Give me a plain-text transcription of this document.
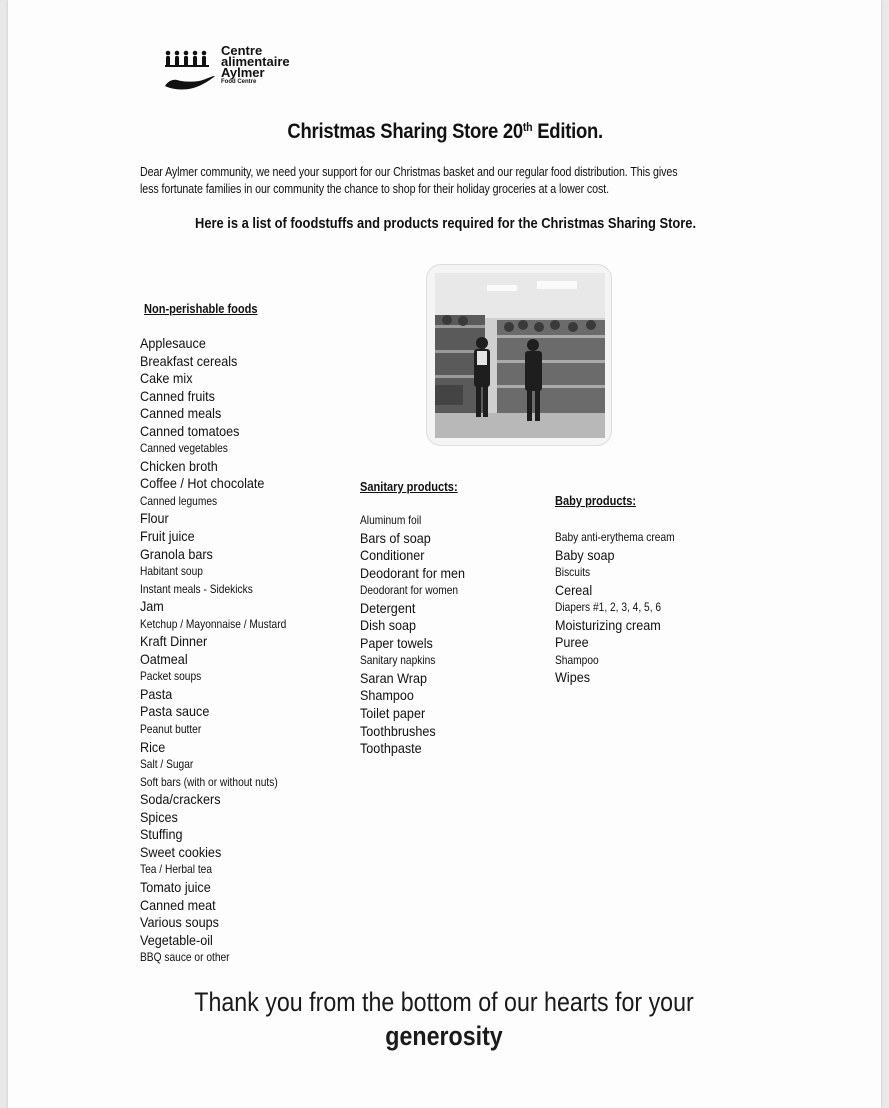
Centre
alimentaire
Aylmer
Food Centre
Christmas Sharing Store 20th Edition.
Dear Aylmer community, we need your support for our Christmas basket and our regular food distribution. This gives less fortunate families in our community the chance to shop for their holiday groceries at a lower cost.
Here is a list of foodstuffs and products required for the Christmas Sharing Store.
Non-perishable foods
Applesauce
Breakfast cereals
Cake mix
Canned fruits
Canned meals
Canned tomatoes
Canned vegetables
Chicken broth
Coffee / Hot chocolate
Canned legumes
Flour
Fruit juice
Granola bars
Habitant soup
Instant meals - Sidekicks
Jam
Ketchup / Mayonnaise / Mustard
Kraft Dinner
Oatmeal
Packet soups
Pasta
Pasta sauce
Peanut butter
Rice
Salt / Sugar
Soft bars (with or without nuts)
Soda/crackers
Spices
Stuffing
Sweet cookies
Tea / Herbal tea
Tomato juice
Canned meat
Various soups
Vegetable-oil
BBQ sauce or other
Sanitary products:
Aluminum foil
Bars of soap
Conditioner
Deodorant for men
Deodorant for women
Detergent
Dish soap
Paper towels
Sanitary napkins
Saran Wrap
Shampoo
Toilet paper
Toothbrushes
Toothpaste
Baby products:
Baby anti-erythema cream
Baby soap
Biscuits
Cereal
Diapers #1, 2, 3, 4, 5, 6
Moisturizing cream
Puree
Shampoo
Wipes
Thank you from the bottom of our hearts for your
generosity
